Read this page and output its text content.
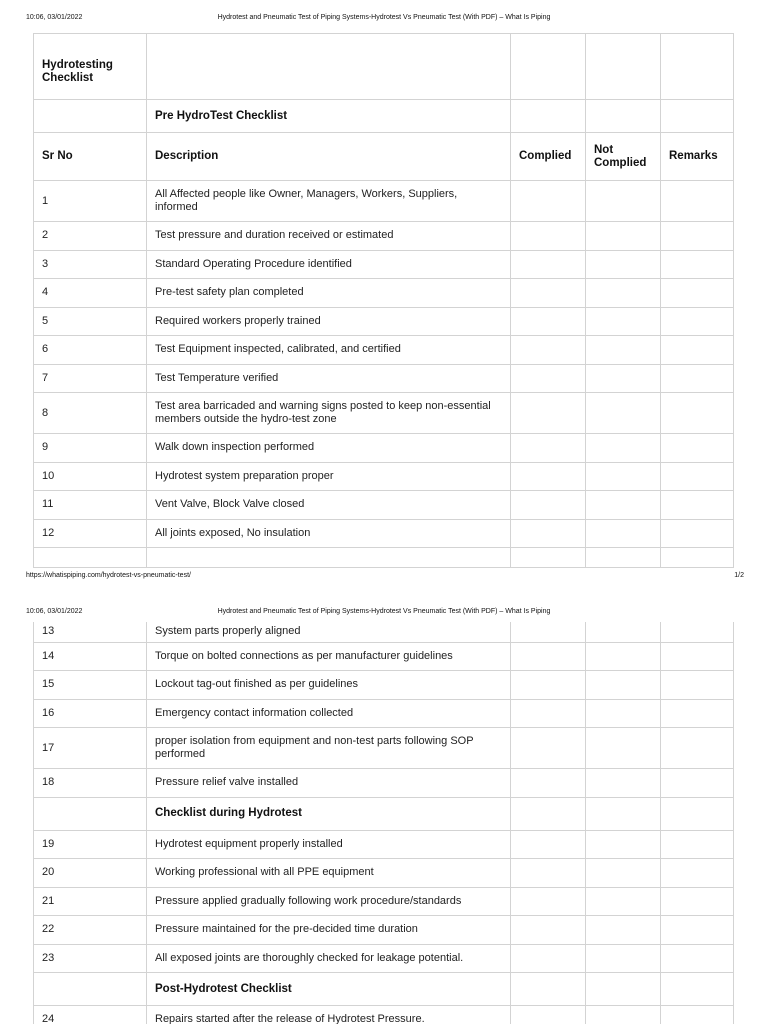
10:06, 03/01/2022	Hydrotest and Pneumatic Test of Piping Systems-Hydrotest Vs Pneumatic Test (With PDF) – What Is Piping
Hydrotesting Checklist				
	Pre HydroTest Checklist			
Sr No	Description	Complied	Not Complied	Remarks
1	All Affected people like Owner, Managers, Workers, Suppliers, informed			
2	Test pressure and duration received or estimated			
3	Standard Operating Procedure identified			
4	Pre-test safety plan completed			
5	Required workers properly trained			
6	Test Equipment inspected, calibrated, and certified			
7	Test Temperature verified			
8	Test area barricaded and warning signs posted to keep non-essential members outside the hydro-test zone			
9	Walk down inspection performed			
10	Hydrotest system preparation proper			
11	Vent Valve, Block Valve closed			
12	All joints exposed, No insulation			

https://whatispiping.com/hydrotest-vs-pneumatic-test/	1/2
10:06, 03/01/2022	Hydrotest and Pneumatic Test of Piping Systems-Hydrotest Vs Pneumatic Test (With PDF) – What Is Piping
13	System parts properly aligned			
14	Torque on bolted connections as per manufacturer guidelines			
15	Lockout tag-out finished as per guidelines			
16	Emergency contact information collected			
17	proper isolation from equipment and non-test parts following SOP performed			
18	Pressure relief valve installed			
	Checklist during Hydrotest			
19	Hydrotest equipment properly installed			
20	Working professional with all PPE equipment			
21	Pressure applied gradually following work procedure/standards			
22	Pressure maintained for the pre-decided time duration			
23	All exposed joints are thoroughly checked for leakage potential.			
	Post-Hydrotest Checklist			
24	Repairs started after the release of Hydrotest Pressure.			
